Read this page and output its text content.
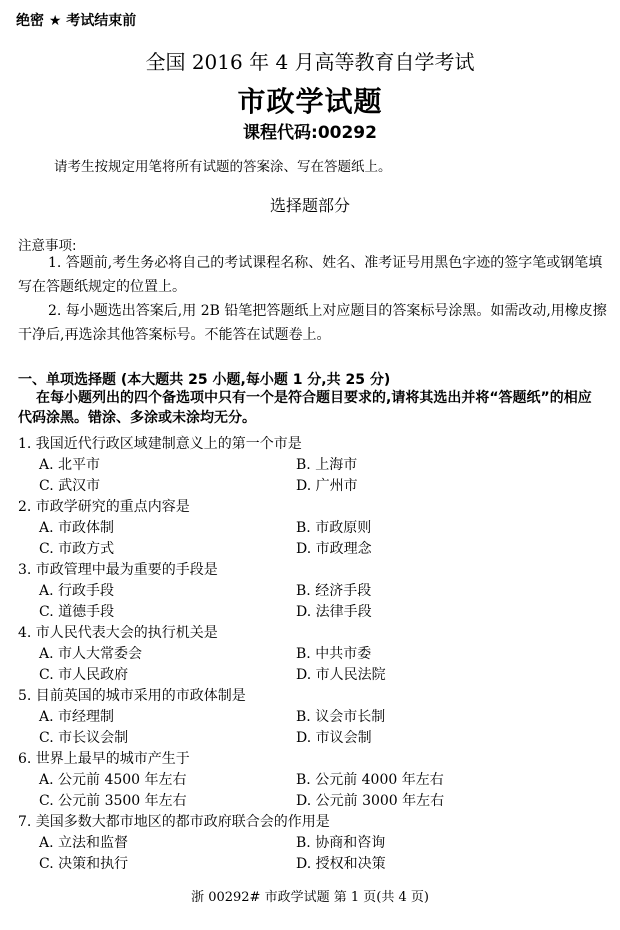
绝密 ★ 考试结束前
全国 2016 年 4 月高等教育自学考试
市政学试题
课程代码:00292
请考生按规定用笔将所有试题的答案涂、写在答题纸上。
选择题部分
注意事项:
1. 答题前,考生务必将自己的考试课程名称、姓名、准考证号用黑色字迹的签字笔或钢笔填写在答题纸规定的位置上。
2. 每小题选出答案后,用 2B 铅笔把答题纸上对应题目的答案标号涂黑。如需改动,用橡皮擦干净后,再选涂其他答案标号。不能答在试题卷上。
一、单项选择题 (本大题共 25 小题,每小题 1 分,共 25 分)
在每小题列出的四个备选项中只有一个是符合题目要求的,请将其选出并将“答题纸”的相应代码涂黑。错涂、多涂或未涂均无分。
1. 我国近代行政区域建制意义上的第一个市是
A. 北平市	B. 上海市
C. 武汉市	D. 广州市
2. 市政学研究的重点内容是
A. 市政体制	B. 市政原则
C. 市政方式	D. 市政理念
3. 市政管理中最为重要的手段是
A. 行政手段	B. 经济手段
C. 道德手段	D. 法律手段
4. 市人民代表大会的执行机关是
A. 市人大常委会	B. 中共市委
C. 市人民政府	D. 市人民法院
5. 目前英国的城市采用的市政体制是
A. 市经理制	B. 议会市长制
C. 市长议会制	D. 市议会制
6. 世界上最早的城市产生于
A. 公元前 4500 年左右	B. 公元前 4000 年左右
C. 公元前 3500 年左右	D. 公元前 3000 年左右
7. 美国多数大都市地区的都市政府联合会的作用是
A. 立法和监督	B. 协商和咨询
C. 决策和执行	D. 授权和决策
浙 00292# 市政学试题 第 1 页(共 4 页)
